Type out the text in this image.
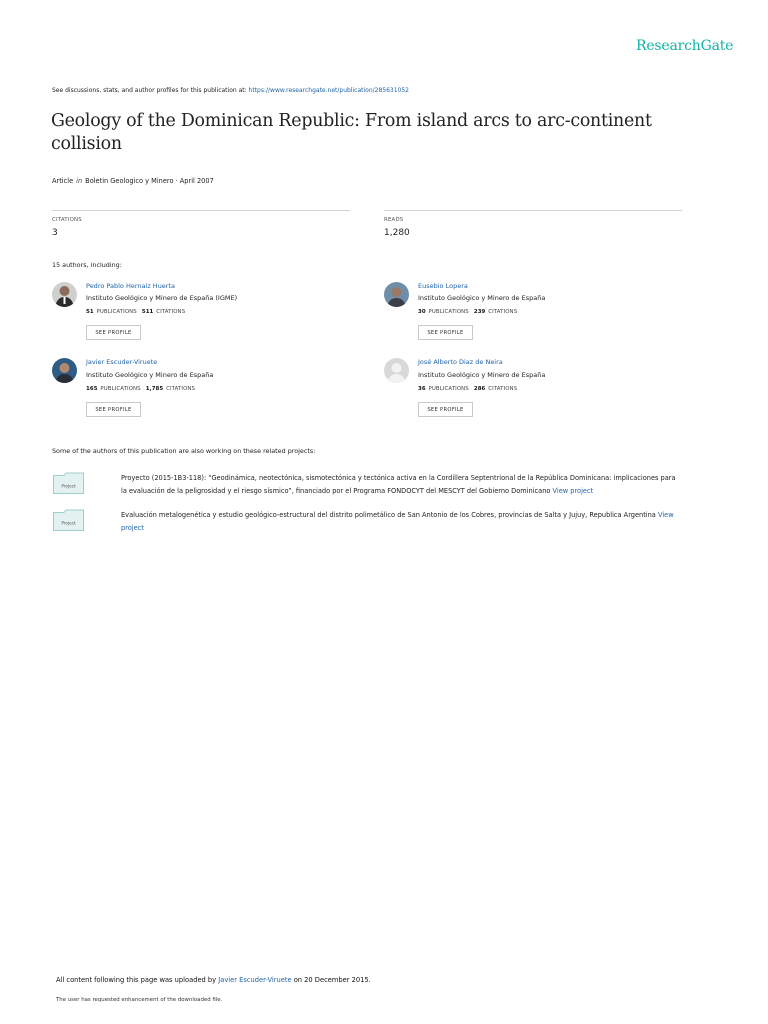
ResearchGate
See discussions, stats, and author profiles for this publication at: https://www.researchgate.net/publication/285631052
Geology of the Dominican Republic: From island arcs to arc-continent collision
Article in Boletin Geologico y Minero · April 2007
CITATIONS
3
READS
1,280
15 authors, including:
Pedro Pablo Hernaiz Huerta
Instituto Geológico y Minero de España (IGME)
51 PUBLICATIONS 511 CITATIONS
SEE PROFILE
Eusebio Lopera
Instituto Geológico y Minero de España
30 PUBLICATIONS 239 CITATIONS
SEE PROFILE
Javier Escuder-Viruete
Instituto Geológico y Minero de España
165 PUBLICATIONS 1,785 CITATIONS
SEE PROFILE
José Alberto Diaz de Neira
Instituto Geológico y Minero de España
36 PUBLICATIONS 286 CITATIONS
SEE PROFILE
Some of the authors of this publication are also working on these related projects:
Project
Proyecto (2015-1B3-118): “Geodinámica, neotectónica, sismotectónica y tectónica activa en la Cordillera Septentrional de la República Dominicana: implicaciones para
la evaluación de la peligrosidad y el riesgo sísmico”, financiado por el Programa FONDOCYT del MESCYT del Gobierno Dominicano View project
Project
Evaluación metalogenética y estudio geológico-estructural del distrito polimetálico de San Antonio de los Cobres, provincias de Salta y Jujuy, Republica Argentina View
project
All content following this page was uploaded by Javier Escuder-Viruete on 20 December 2015.
The user has requested enhancement of the downloaded file.
